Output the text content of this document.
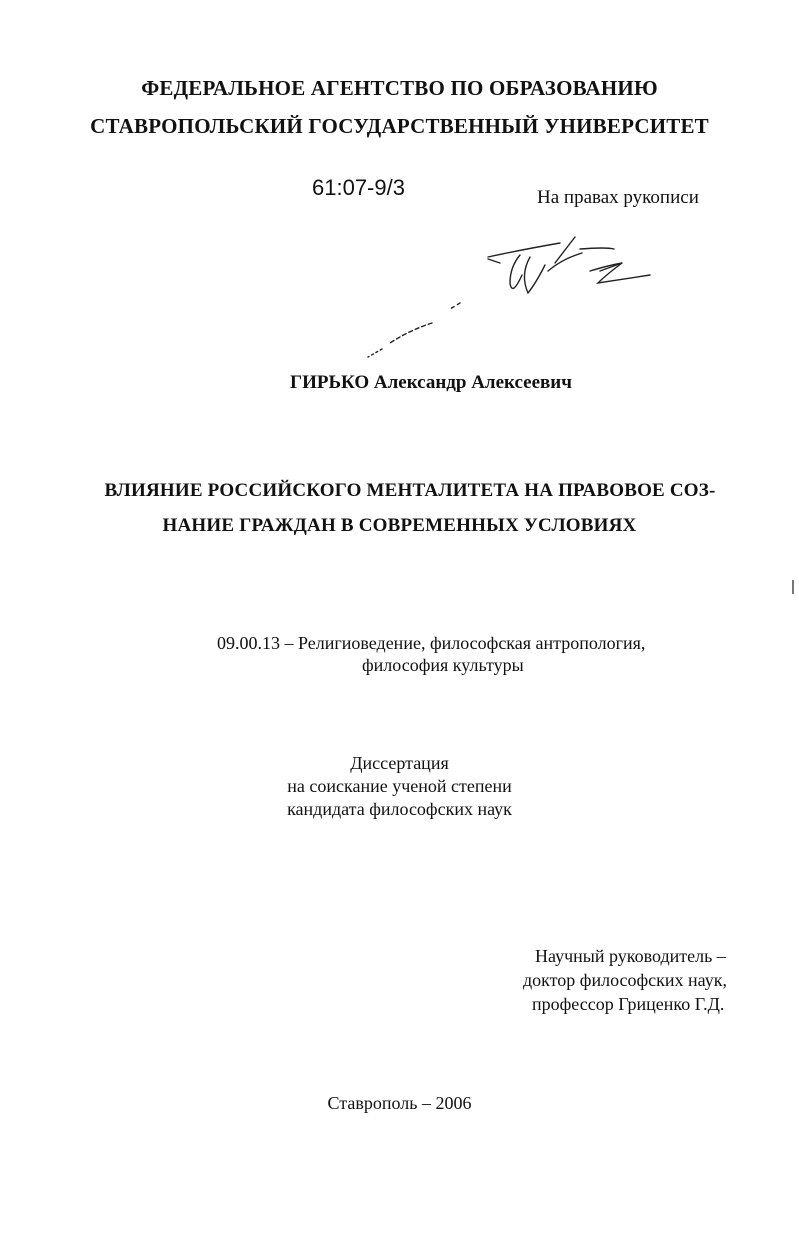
ФЕДЕРАЛЬНОЕ АГЕНТСТВО ПО ОБРАЗОВАНИЮ
СТАВРОПОЛЬСКИЙ ГОСУДАРСТВЕННЫЙ УНИВЕРСИТЕТ
61:07-9/3	На правах рукописи
ГИРЬКО Александр Алексеевич
ВЛИЯНИЕ РОССИЙСКОГО МЕНТАЛИТЕТА НА ПРАВОВОЕ СОЗ-
НАНИЕ ГРАЖДАН В СОВРЕМЕННЫХ УСЛОВИЯХ
09.00.13 – Религиоведение, философская антропология,
философия культуры
Диссертация
на соискание ученой степени
кандидата философских наук
Научный руководитель –
доктор философских наук,
профессор Гриценко Г.Д.
Ставрополь – 2006
